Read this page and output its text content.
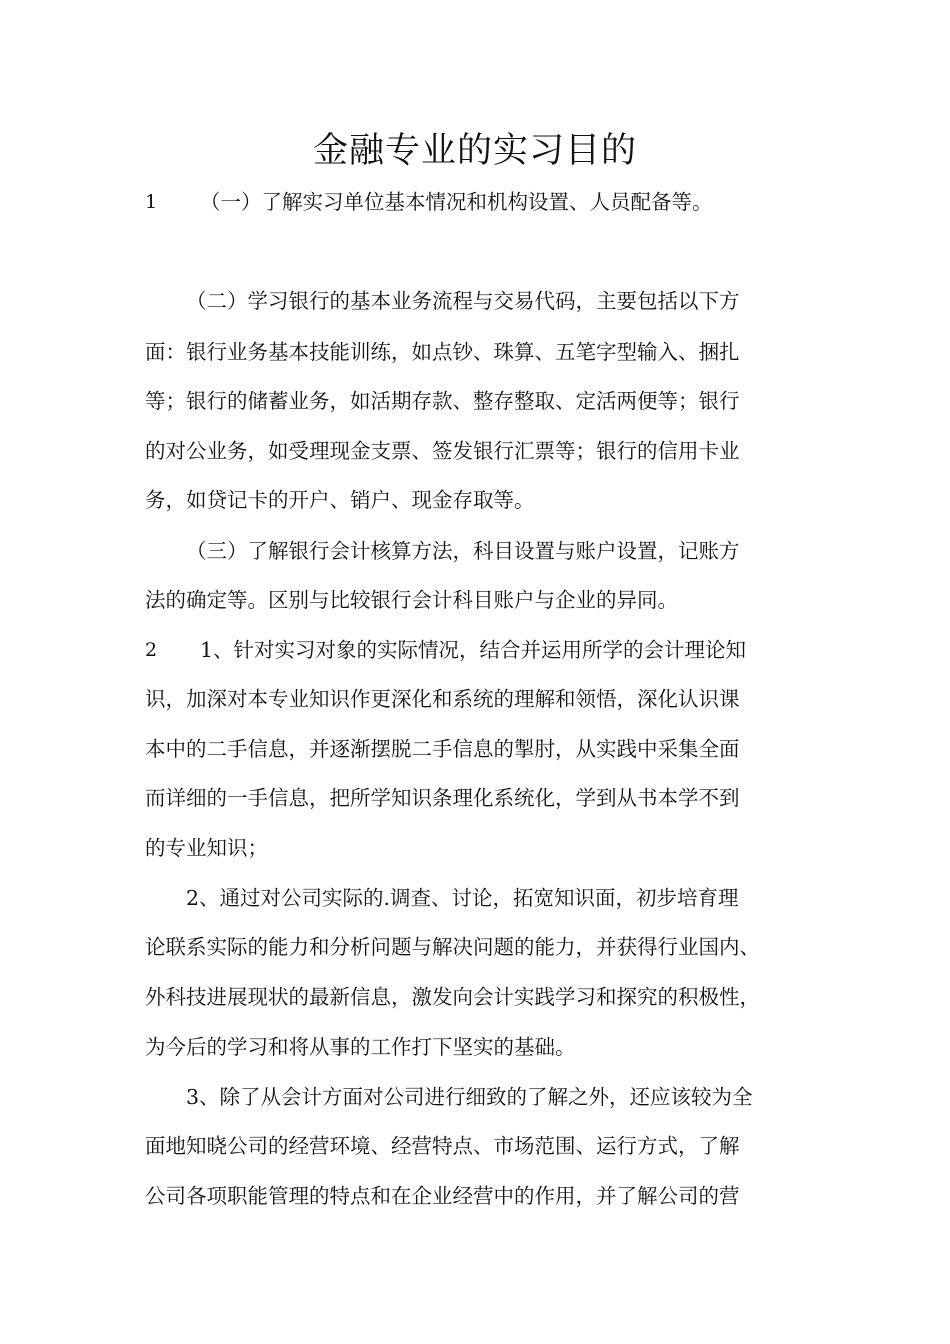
金融专业的实习目的
1 （一）了解实习单位基本情况和机构设置、人员配备等。
（二）学习银行的基本业务流程与交易代码，主要包括以下方
面：银行业务基本技能训练，如点钞、珠算、五笔字型输入、捆扎
等；银行的储蓄业务，如活期存款、整存整取、定活两便等；银行
的对公业务，如受理现金支票、签发银行汇票等；银行的信用卡业
务，如贷记卡的开户、销户、现金存取等。
（三）了解银行会计核算方法，科目设置与账户设置，记账方
法的确定等。区别与比较银行会计科目账户与企业的异同。
2 1、针对实习对象的实际情况，结合并运用所学的会计理论知
识，加深对本专业知识作更深化和系统的理解和领悟，深化认识课
本中的二手信息，并逐渐摆脱二手信息的掣肘，从实践中采集全面
而详细的一手信息，把所学知识条理化系统化，学到从书本学不到
的专业知识；
2、通过对公司实际的.调查、讨论，拓宽知识面，初步培育理
论联系实际的能力和分析问题与解决问题的能力，并获得行业国内、
外科技进展现状的最新信息，激发向会计实践学习和探究的积极性，
为今后的学习和将从事的工作打下坚实的基础。
3、除了从会计方面对公司进行细致的了解之外，还应该较为全
面地知晓公司的经营环境、经营特点、市场范围、运行方式，了解
公司各项职能管理的特点和在企业经营中的作用，并了解公司的营
